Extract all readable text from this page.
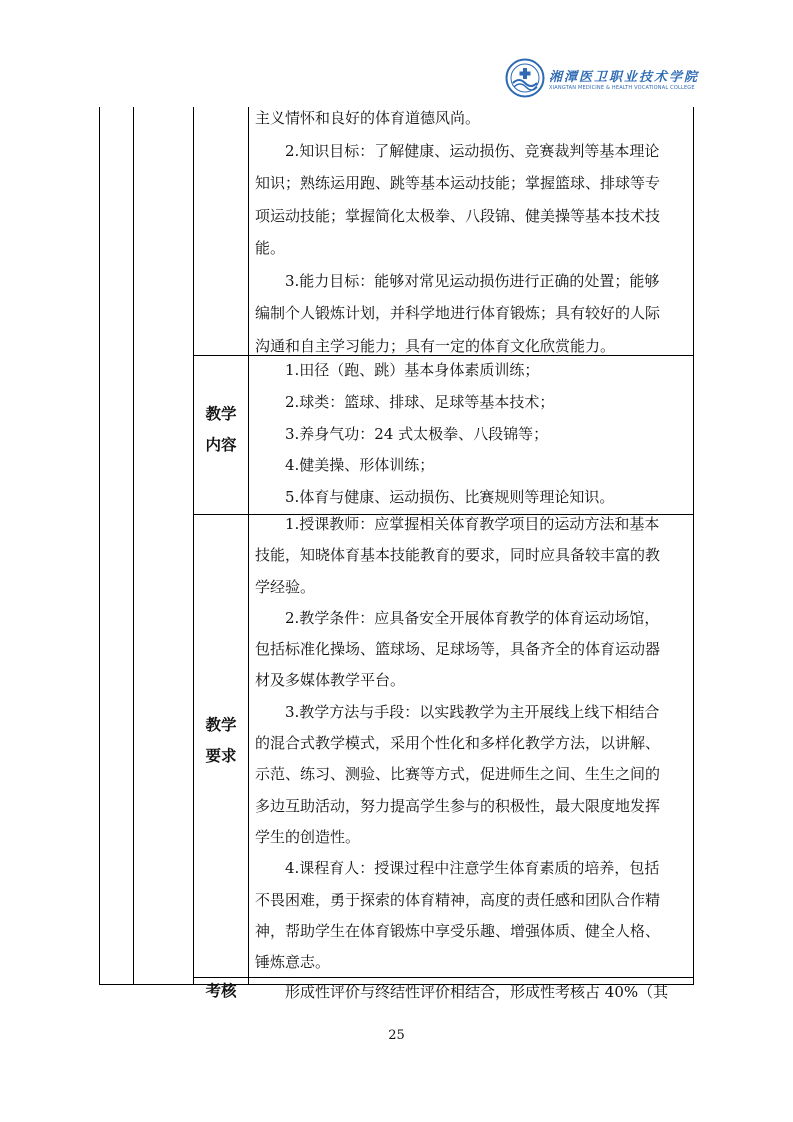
湘潭医卫职业技术学院
XIANGTAN MEDICINE & HEALTH VOCATIONAL COLLEGE

主义情怀和良好的体育道德风尚。

2.知识目标：了解健康、运动损伤、竞赛裁判等基本理论

知识；熟练运用跑、跳等基本运动技能；掌握篮球、排球等专

项运动技能；掌握简化太极拳、八段锦、健美操等基本技术技

能。

3.能力目标：能够对常见运动损伤进行正确的处置；能够

编制个人锻炼计划，并科学地进行体育锻炼；具有较好的人际

沟通和自主学习能力；具有一定的体育文化欣赏能力。

教学
内容

1.田径（跑、跳）基本身体素质训练；

2.球类：篮球、排球、足球等基本技术；

3.养身气功：24 式太极拳、八段锦等；

4.健美操、形体训练；

5.体育与健康、运动损伤、比赛规则等理论知识。

教学
要求

1.授课教师：应掌握相关体育教学项目的运动方法和基本

技能，知晓体育基本技能教育的要求，同时应具备较丰富的教

学经验。

2.教学条件：应具备安全开展体育教学的体育运动场馆，

包括标准化操场、篮球场、足球场等，具备齐全的体育运动器

材及多媒体教学平台。

3.教学方法与手段：以实践教学为主开展线上线下相结合

的混合式教学模式，采用个性化和多样化教学方法，以讲解、

示范、练习、测验、比赛等方式，促进师生之间、生生之间的

多边互助活动，努力提高学生参与的积极性，最大限度地发挥

学生的创造性。

4.课程育人：授课过程中注意学生体育素质的培养，包括

不畏困难，勇于探索的体育精神，高度的责任感和团队合作精

神，帮助学生在体育锻炼中享受乐趣、增强体质、健全人格、

锤炼意志。

考核	形成性评价与终结性评价相结合，形成性考核占 40%（其

25
